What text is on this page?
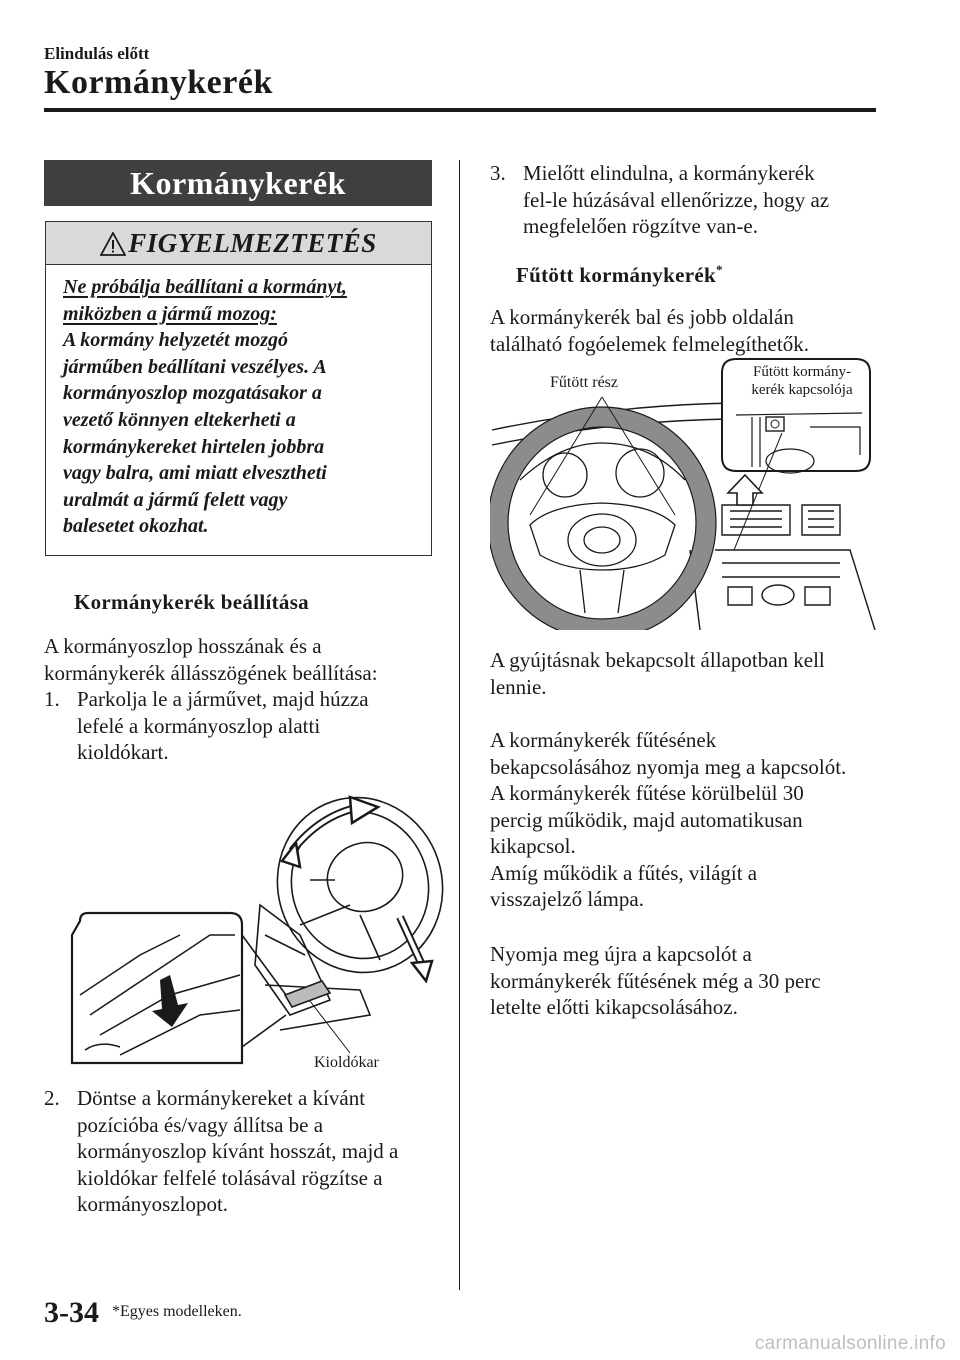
Elindulás előtt
Kormánykerék
Kormánykerék
FIGYELMEZTETÉS
Ne próbálja beállítani a kormányt,
miközben a jármű mozog:
A kormány helyzetét mozgó
járműben beállítani veszélyes. A
kormányoszlop mozgatásakor a
vezető könnyen eltekerheti a
kormánykereket hirtelen jobbra
vagy balra, ami miatt elvesztheti
uralmát a jármű felett vagy
balesetet okozhat.
Kormánykerék beállítása
A kormányoszlop hosszának és a
kormánykerék állásszögének beállítása:
1. Parkolja le a járművet, majd húzza
lefelé a kormányoszlop alatti
kioldókart.
Kioldókar
2. Döntse a kormánykereket a kívánt
pozícióba és/vagy állítsa be a
kormányoszlop kívánt hosszát, majd a
kioldókar felfelé tolásával rögzítse a
kormányoszlopot.
3. Mielőtt elindulna, a kormánykerék
fel-le húzásával ellenőrizze, hogy az
megfelelően rögzítve van-e.
Fűtött kormánykerék*
A kormánykerék bal és jobb oldalán
található fogóelemek felmelegíthetők.
Fűtött rész
Fűtött kormány-
kerék kapcsolója
A gyújtásnak bekapcsolt állapotban kell
lennie.
A kormánykerék fűtésének
bekapcsolásához nyomja meg a kapcsolót.
A kormánykerék fűtése körülbelül 30
percig működik, majd automatikusan
kikapcsol.
Amíg működik a fűtés, világít a
visszajelző lámpa.
Nyomja meg újra a kapcsolót a
kormánykerék fűtésének még a 30 perc
letelte előtti kikapcsolásához.
3-34 *Egyes modelleken.
carmanualsonline.info
